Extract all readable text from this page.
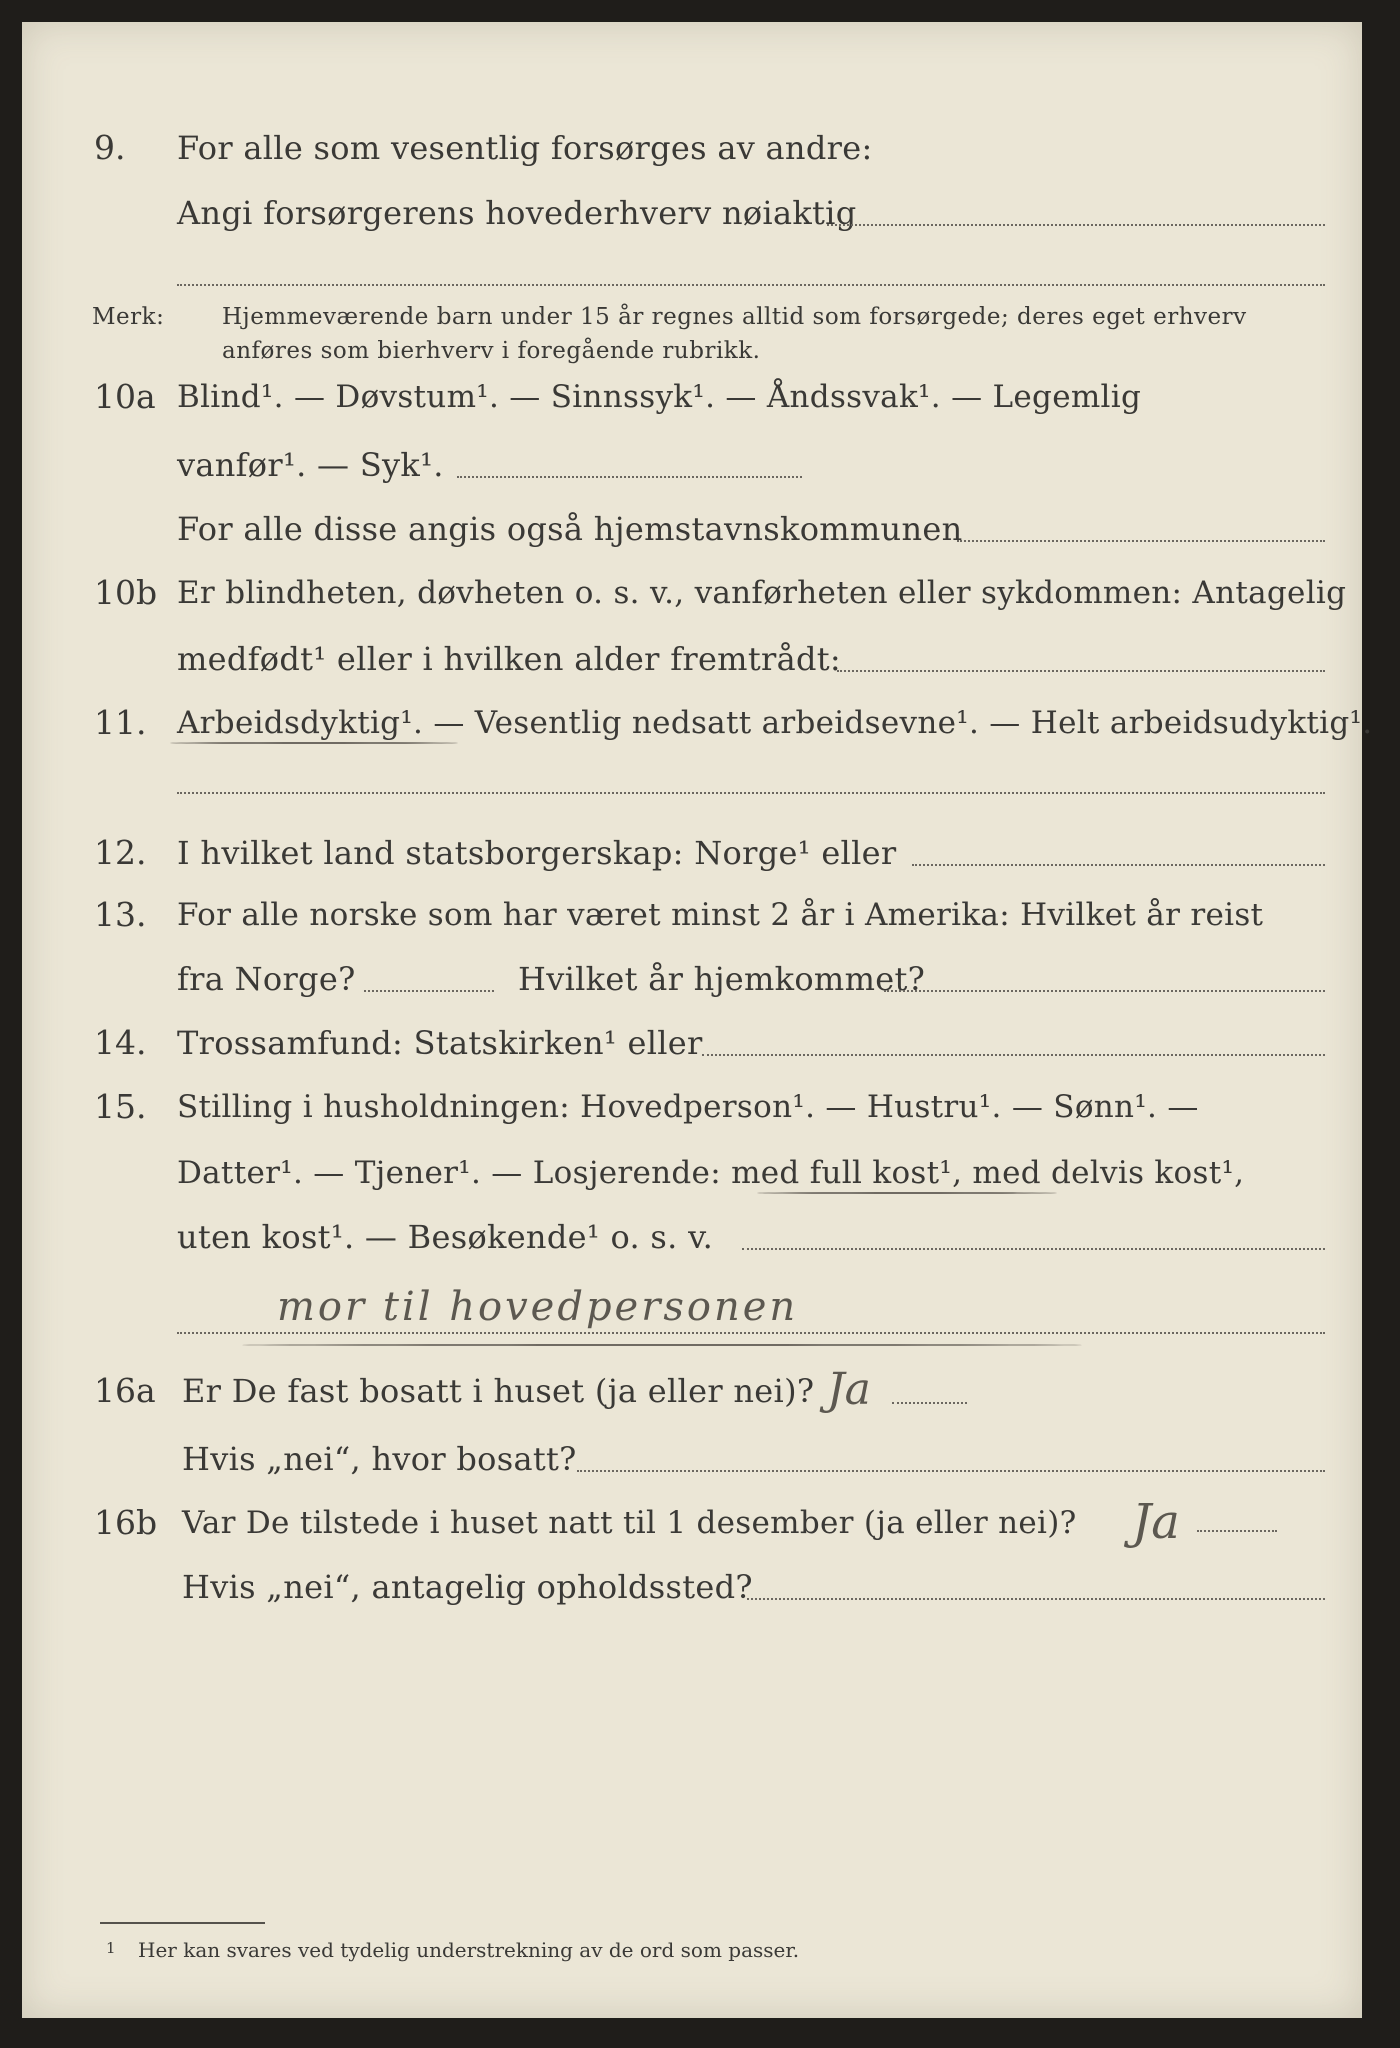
9. For alle som vesentlig forsørges av andre:
Angi forsørgerens hovederhverv nøiaktig
Merk:	Hjemmeværende barn under 15 år regnes alltid som forsørgede; deres eget erhverv
anføres som bierhverv i foregående rubrikk.
10a Blind¹. — Døvstum¹. — Sinnssyk¹. — Åndssvak¹. — Legemlig
vanfør¹. — Syk¹.
For alle disse angis også hjemstavnskommunen
10b Er blindheten, døvheten o. s. v., vanførheten eller sykdommen: Antagelig
medfødt¹ eller i hvilken alder fremtrådt:
11. Arbeidsdyktig¹. — Vesentlig nedsatt arbeidsevne¹. — Helt arbeidsudyktig¹.
12. I hvilket land statsborgerskap: Norge¹ eller
13. For alle norske som har været minst 2 år i Amerika: Hvilket år reist
fra Norge?	Hvilket år hjemkommet?
14. Trossamfund: Statskirken¹ eller
15. Stilling i husholdningen: Hovedperson¹. — Hustru¹. — Sønn¹. —
Datter¹. — Tjener¹. — Losjerende: med full kost¹, med delvis kost¹,
uten kost¹. — Besøkende¹ o. s. v.
mor til hovedpersonen
16a Er De fast bosatt i huset (ja eller nei)? Ja
Hvis „nei“, hvor bosatt?
16b Var De tilstede i huset natt til 1 desember (ja eller nei)? Ja
Hvis „nei“, antagelig opholdssted?
1 Her kan svares ved tydelig understrekning av de ord som passer.
